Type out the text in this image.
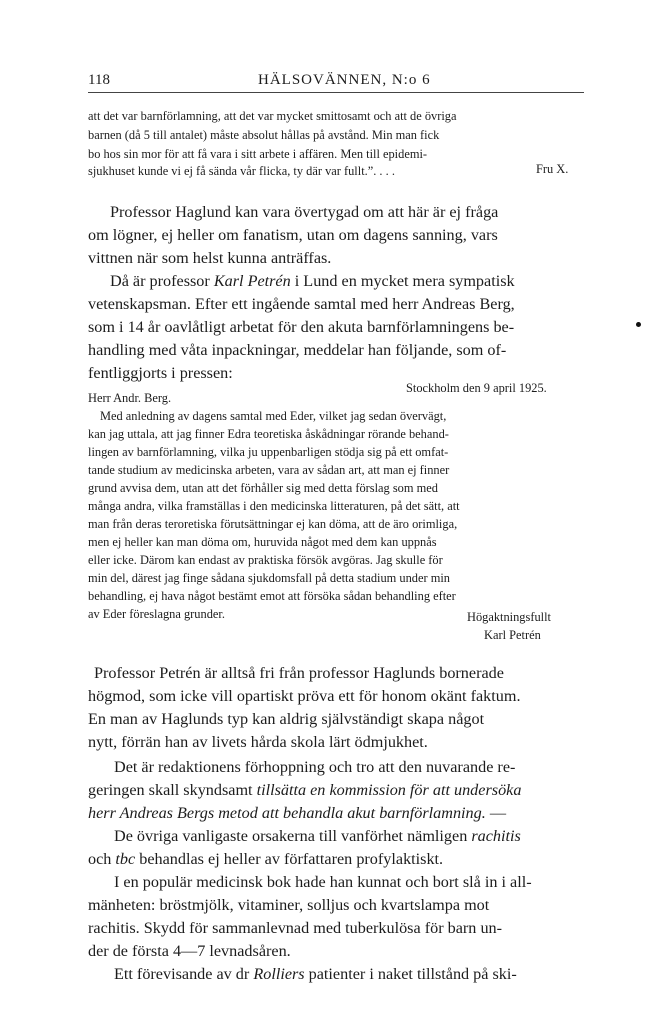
118	HÄLSOVÄNNEN, N:o 6
att det var barnförlamning, att det var mycket smittosamt och att de övriga
barnen (då 5 till antalet) måste absolut hållas på avstånd. Min man fick
bo hos sin mor för att få vara i sitt arbete i affären. Men till epidemi-
sjukhuset kunde vi ej få sända vår flicka, ty där var fullt.”. . . .	Fru X.
Professor Haglund kan vara övertygad om att här är ej fråga
om lögner, ej heller om fanatism, utan om dagens sanning, vars
vittnen när som helst kunna anträffas.
Då är professor Karl Petrén i Lund en mycket mera sympatisk
vetenskapsman. Efter ett ingående samtal med herr Andreas Berg,
som i 14 år oavlåtligt arbetat för den akuta barnförlamningens be-
handling med våta inpackningar, meddelar han följande, som of-
fentliggjorts i pressen:
Stockholm den 9 april 1925.
Herr Andr. Berg.
Med anledning av dagens samtal med Eder, vilket jag sedan övervägt,
kan jag uttala, att jag finner Edra teoretiska åskådningar rörande behand-
lingen av barnförlamning, vilka ju uppenbarligen stödja sig på ett omfat-
tande studium av medicinska arbeten, vara av sådan art, att man ej finner
grund avvisa dem, utan att det förhåller sig med detta förslag som med
många andra, vilka framställas i den medicinska litteraturen, på det sätt, att
man från deras teroretiska förutsättningar ej kan döma, att de äro orimliga,
men ej heller kan man döma om, huruvida något med dem kan uppnås
eller icke. Därom kan endast av praktiska försök avgöras. Jag skulle för
min del, därest jag finge sådana sjukdomsfall på detta stadium under min
behandling, ej hava något bestämt emot att försöka sådan behandling efter
av Eder föreslagna grunder.	Högaktningsfullt
Karl Petrén
Professor Petrén är alltså fri från professor Haglunds bornerade
högmod, som icke vill opartiskt pröva ett för honom okänt faktum.
En man av Haglunds typ kan aldrig självständigt skapa något
nytt, förrän han av livets hårda skola lärt ödmjukhet.
Det är redaktionens förhoppning och tro att den nuvarande re-
geringen skall skyndsamt tillsätta en kommission för att undersöka
herr Andreas Bergs metod att behandla akut barnförlamning. —
De övriga vanligaste orsakerna till vanförhet nämligen rachitis
och tbc behandlas ej heller av författaren profylaktiskt.
I en populär medicinsk bok hade han kunnat och bort slå in i all-
mänheten: bröstmjölk, vitaminer, solljus och kvartslampa mot
rachitis. Skydd för sammanlevnad med tuberkulösa för barn un-
der de första 4—7 levnadsåren.
Ett förevisande av dr Rolliers patienter i naket tillstånd på ski-
